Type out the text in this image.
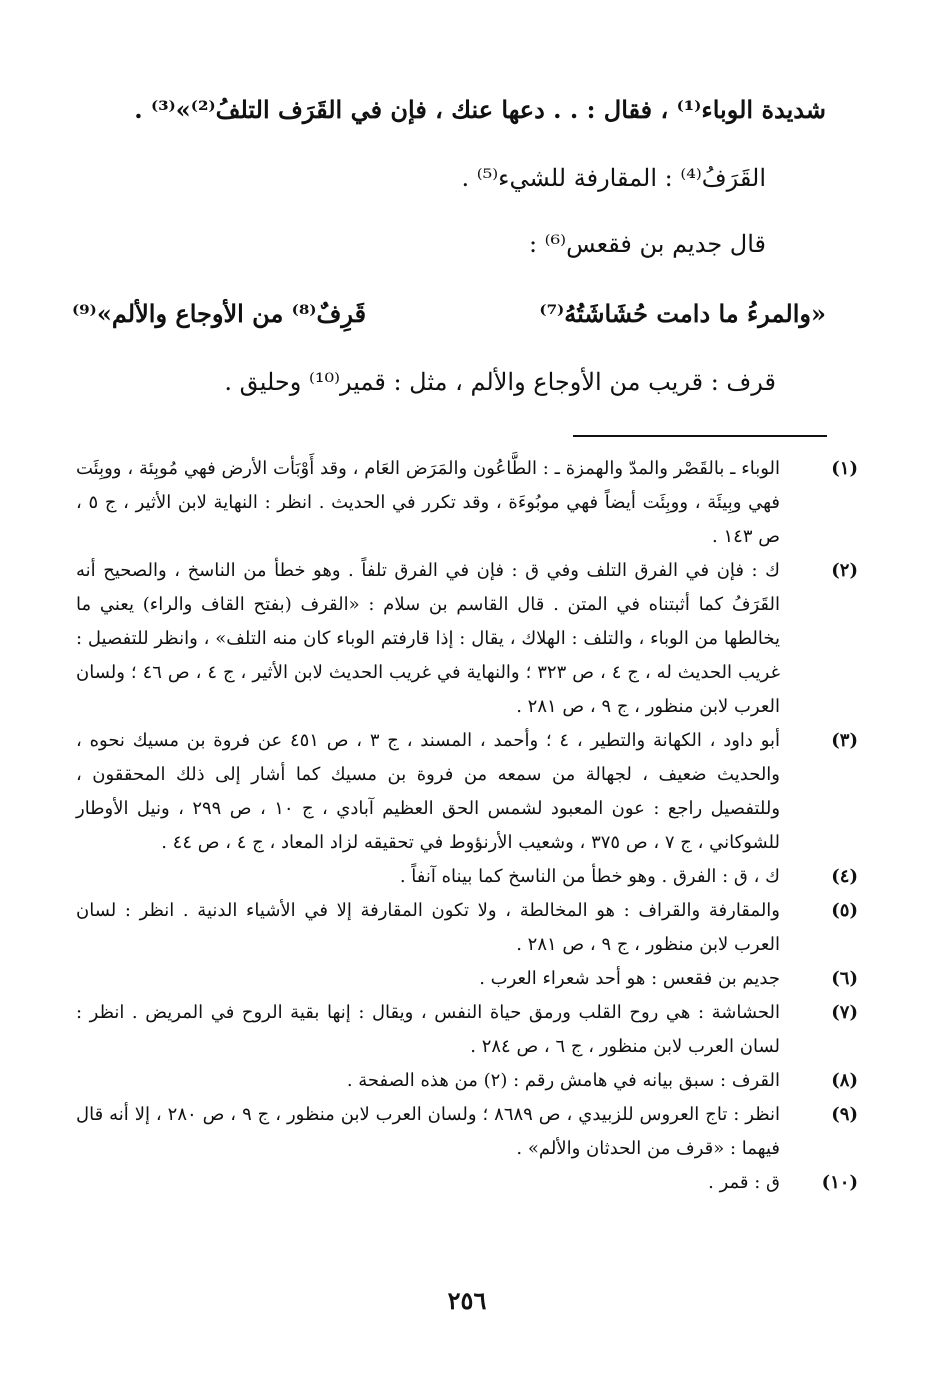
شديدة الوباء⁽¹⁾ ، فقال : . . دعها عنك ، فإن في القَرَف التلفُ⁽²⁾»⁽³⁾ .
القَرَفُ⁽⁴⁾ : المقارفة للشيء⁽⁵⁾ .
قال جديم بن فقعس⁽⁶⁾ :
«والمرءُ ما دامت حُشَاشَتُهُ⁽⁷⁾
قَرِفٌ⁽⁸⁾ من الأوجاع والألم»⁽⁹⁾
قرف : قريب من الأوجاع والألم ، مثل : قمير⁽¹⁰⁾ وحليق .
(١)
الوباء ـ بالقَصْر والمدّ والهمزة ـ : الطَّاعُون والمَرَض العَام ، وقد أَوْبَأت الأرض فهي مُوبِئة ، ووبِئَت فهي وبِيئَة ، ووبِئَت أيضاً فهي موبُوءَة ، وقد تكرر في الحديث . انظر : النهاية لابن الأثير ، ج ٥ ، ص ١٤٣ .
(٢)
ك : فإن في الفرق التلف وفي ق : فإن في الفرق تلفاً . وهو خطأ من الناسخ ، والصحيح أنه القَرَفُ كما أثبتناه في المتن . قال القاسم بن سلام : «القرف (بفتح القاف والراء) يعني ما يخالطها من الوباء ، والتلف : الهلاك ، يقال : إذا قارفتم الوباء كان منه التلف» ، وانظر للتفصيل : غريب الحديث له ، ج ٤ ، ص ٣٢٣ ؛ والنهاية في غريب الحديث لابن الأثير ، ج ٤ ، ص ٤٦ ؛ ولسان العرب لابن منظور ، ج ٩ ، ص ٢٨١ .
(٣)
أبو داود ، الكهانة والتطير ، ٤ ؛ وأحمد ، المسند ، ج ٣ ، ص ٤٥١ عن فروة بن مسيك نحوه ، والحديث ضعيف ، لجهالة من سمعه من فروة بن مسيك كما أشار إلى ذلك المحققون ، وللتفصيل راجع : عون المعبود لشمس الحق العظيم آبادي ، ج ١٠ ، ص ٢٩٩ ، ونيل الأوطار للشوكاني ، ج ٧ ، ص ٣٧٥ ، وشعيب الأرنؤوط في تحقيقه لزاد المعاد ، ج ٤ ، ص ٤٤ .
(٤)
ك ، ق : الفرق . وهو خطأ من الناسخ كما بيناه آنفاً .
(٥)
والمقارفة والقراف : هو المخالطة ، ولا تكون المقارفة إلا في الأشياء الدنية . انظر : لسان العرب لابن منظور ، ج ٩ ، ص ٢٨١ .
(٦)
جديم بن فقعس : هو أحد شعراء العرب .
(٧)
الحشاشة : هي روح القلب ورمق حياة النفس ، ويقال : إنها بقية الروح في المريض . انظر : لسان العرب لابن منظور ، ج ٦ ، ص ٢٨٤ .
(٨)
القرف : سبق بيانه في هامش رقم : (٢) من هذه الصفحة .
(٩)
انظر : تاج العروس للزبيدي ، ص ٨٦٨٩ ؛ ولسان العرب لابن منظور ، ج ٩ ، ص ٢٨٠ ، إلا أنه قال فيهما : «قرف من الحدثان والألم» .
(١٠)
ق : قمر .
٢٥٦
